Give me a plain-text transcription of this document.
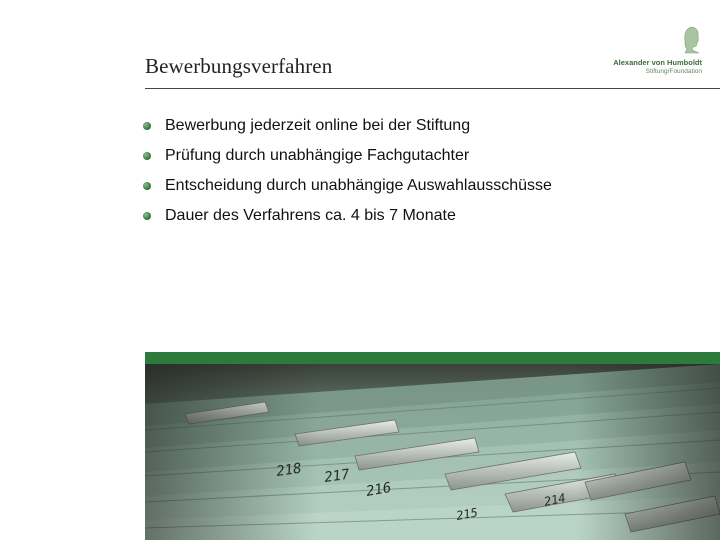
Bewerbungsverfahren	Alexander von Humboldt
Stiftung/Foundation
Bewerbung jederzeit online bei der Stiftung
Prüfung durch unabhängige Fachgutachter
Entscheidung durch unabhängige Auswahlausschüsse
Dauer des Verfahrens ca. 4 bis 7 Monate
